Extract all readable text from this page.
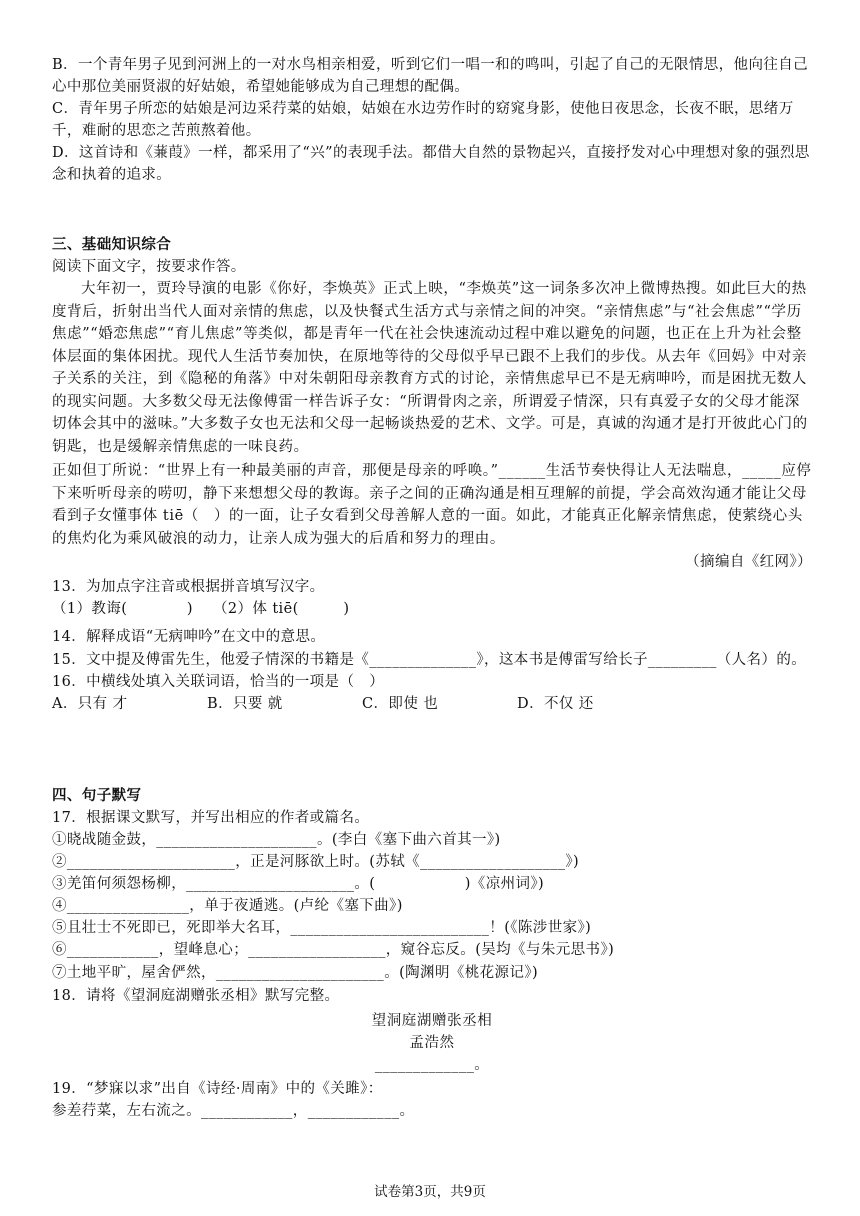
B．一个青年男子见到河洲上的一对水鸟相亲相爱，听到它们一唱一和的鸣叫，引起了自己的无限情思，他向往自己心中那位美丽贤淑的好姑娘，希望她能够成为自己理想的配偶。

C．青年男子所恋的姑娘是河边采荇菜的姑娘，姑娘在水边劳作时的窈窕身影，使他日夜思念，长夜不眠，思绪万千，难耐的思恋之苦煎熬着他。

D．这首诗和《蒹葭》一样，都采用了“兴”的表现手法。都借大自然的景物起兴，直接抒发对心中理想对象的强烈思念和执着的追求。

三、基础知识综合

阅读下面文字，按要求作答。

大年初一，贾玲导演的电影《你好，李焕英》正式上映，“李焕英”这一词条多次冲上微博热搜。如此巨大的热度背后，折射出当代人面对亲情的焦虑，以及快餐式生活方式与亲情之间的冲突。“亲情焦虑”与“社会焦虑”“学历焦虑”“婚恋焦虑”“育儿焦虑”等类似，都是青年一代在社会快速流动过程中难以避免的问题，也正在上升为社会整体层面的集体困扰。现代人生活节奏加快，在原地等待的父母似乎早已跟不上我们的步伐。从去年《回妈》中对亲子关系的关注，到《隐秘的角落》中对朱朝阳母亲教育方式的讨论，亲情焦虑早已不是无病呻吟，而是困扰无数人的现实问题。大多数父母无法像傅雷一样告诉子女：“所谓骨肉之亲，所谓爱子情深，只有真爱子女的父母才能深切体会其中的滋味。”大多数子女也无法和父母一起畅谈热爱的艺术、文学。可是，真诚的沟通才是打开彼此心门的钥匙，也是缓解亲情焦虑的一味良药。

正如但丁所说：“世界上有一种最美丽的声音，那便是母亲的呼唤。”______生活节奏快得让人无法喘息，_____应停下来听听母亲的唠叨，静下来想想父母的教诲。亲子之间的正确沟通是相互理解的前提，学会高效沟通才能让父母看到子女懂事体 tiē（　）的一面，让子女看到父母善解人意的一面。如此，才能真正化解亲情焦虑，使萦绕心头的焦灼化为乘风破浪的动力，让亲人成为强大的后盾和努力的理由。

（摘编自《红网》）

13．为加点字注音或根据拼音填写汉字。

（1）教诲(　　　　) （2）体 tiē(　　　)

14．解释成语“无病呻吟”在文中的意思。

15．文中提及傅雷先生，他爱子情深的书籍是《______________》，这本书是傅雷写给长子_________（人名）的。

16．中横线处填入关联词语，恰当的一项是（　）

A．只有 才	B．只要 就	C．即使 也	D．不仅 还

四、句子默写

17．根据课文默写，并写出相应的作者或篇名。

①晓战随金鼓，_____________________。(李白《塞下曲六首其一》)

②______________________，正是河豚欲上时。(苏轼《___________________》)

③羌笛何须怨杨柳，______________________。(　　　　　　)《凉州词》)

④________________，单于夜遁逃。(卢纶《塞下曲》)

⑤且壮士不死即已，死即举大名耳，__________________________！(《陈涉世家》)

⑥____________，望峰息心；__________________，窥谷忘反。(吴均《与朱元思书》)

⑦土地平旷，屋舍俨然，______________________。(陶渊明《桃花源记》)

18．请将《望洞庭湖赠张丞相》默写完整。

望洞庭湖赠张丞相

孟浩然

_____________。

19．“梦寐以求”出自《诗经·周南》中的《关雎》：

参差荇菜，左右流之。____________，____________。

试卷第3页，共9页
